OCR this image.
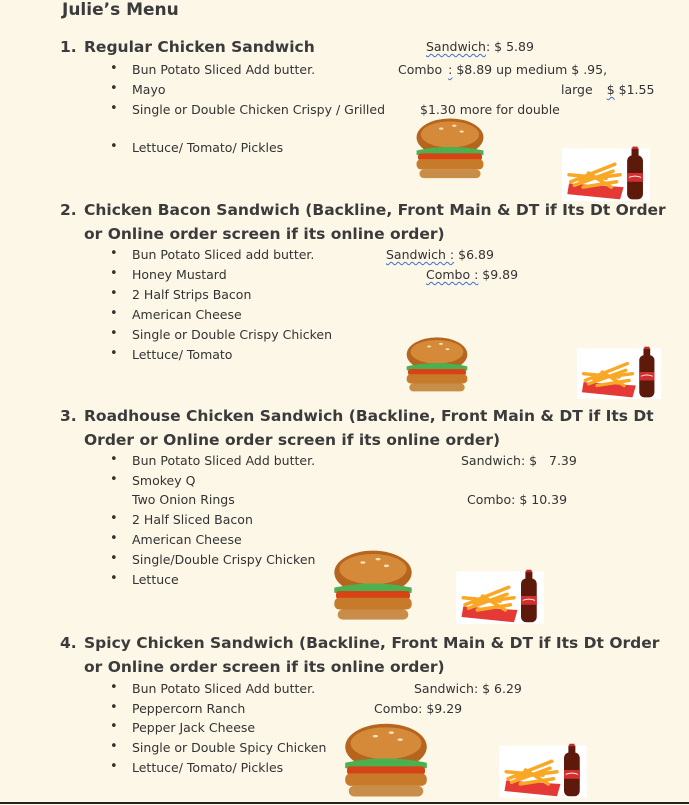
Julie’s Menu
1. Regular Chicken Sandwich
• Bun Potato Sliced Add butter.
• Mayo
• Single or Double Chicken Crispy / Grilled
• Lettuce/ Tomato/ Pickles
Sandwich: $ 5.89
Combo : $8.89 up medium $ .95,
large $ $1.55
$1.30 more for double
2. Chicken Bacon Sandwich (Backline, Front Main & DT if Its Dt Order or Online order screen if its online order)
• Bun Potato Sliced add butter.
• Honey Mustard
• 2 Half Strips Bacon
• American Cheese
• Single or Double Crispy Chicken
• Lettuce/ Tomato
Sandwich : $6.89
Combo : $9.89
3. Roadhouse Chicken Sandwich (Backline, Front Main & DT if Its Dt Order or Online order screen if its online order)
• Bun Potato Sliced Add butter.
• Smokey Q
Two Onion Rings
• 2 Half Sliced Bacon
• American Cheese
• Single/Double Crispy Chicken
• Lettuce
Sandwich: $   7.39
Combo: $ 10.39
4. Spicy Chicken Sandwich (Backline, Front Main & DT if Its Dt Order or Online order screen if its online order)
• Bun Potato Sliced Add butter.
• Peppercorn Ranch
• Pepper Jack Cheese
• Single or Double Spicy Chicken
• Lettuce/ Tomato/ Pickles
Sandwich: $ 6.29
Combo: $9.29
